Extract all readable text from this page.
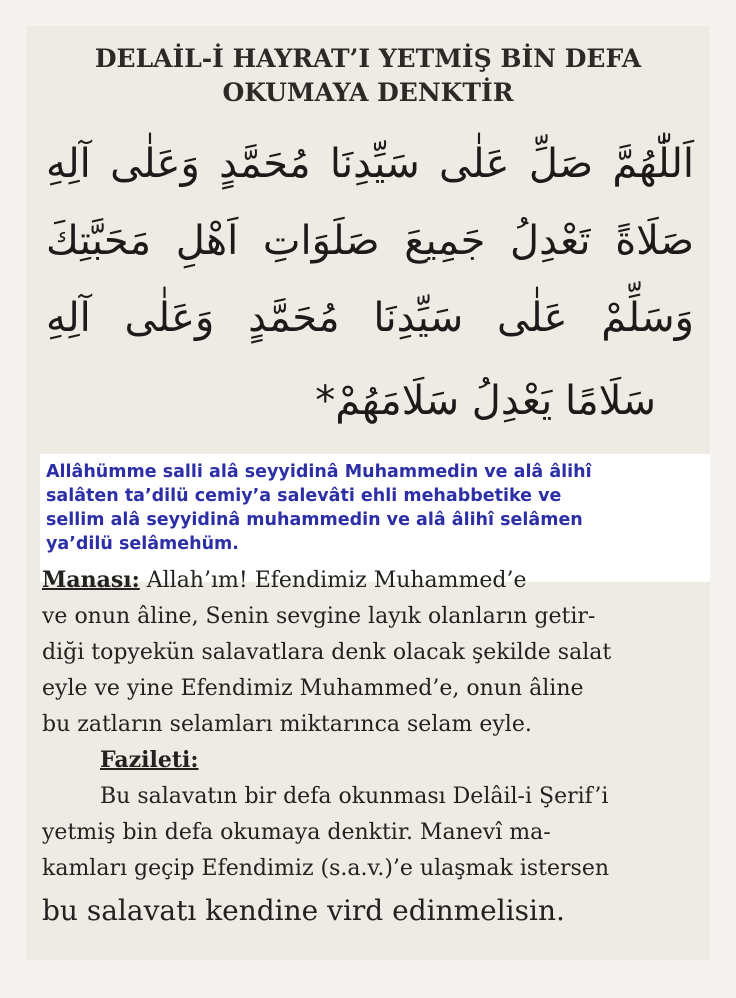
DELAİL-İ HAYRAT’I YETMİŞ BİN DEFA
OKUMAYA DENKTİR
اَللّٰهُمَّ صَلِّ عَلٰى سَيِّدِنَا مُحَمَّدٍ وَعَلٰى آلِهِ
صَلَاةً تَعْدِلُ جَمِيعَ صَلَوَاتِ اَهْلِ مَحَبَّتِكَ
وَسَلِّمْ عَلٰى سَيِّدِنَا مُحَمَّدٍ وَعَلٰى آلِهِ
سَلَامًا يَعْدِلُ سَلَامَهُمْ*
Allâhümme salli alâ seyyidinâ Muhammedin ve alâ âlihî
salâten ta’dilü cemiy’a salevâti ehli mehabbetike ve
sellim alâ seyyidinâ muhammedin ve alâ âlihî selâmen
ya’dilü selâmehüm.
Manası: Allah’ım! Efendimiz Muhammed’e
ve onun âline, Senin sevgine layık olanların getir-
diği topyekün salavatlara denk olacak şekilde salat
eyle ve yine Efendimiz Muhammed’e, onun âline
bu zatların selamları miktarınca selam eyle.
Fazileti:
Bu salavatın bir defa okunması Delâil-i Şerif’i
yetmiş bin defa okumaya denktir. Manevî ma-
kamları geçip Efendimiz (s.a.v.)’e ulaşmak istersen
bu salavatı kendine vird edinmelisin.
